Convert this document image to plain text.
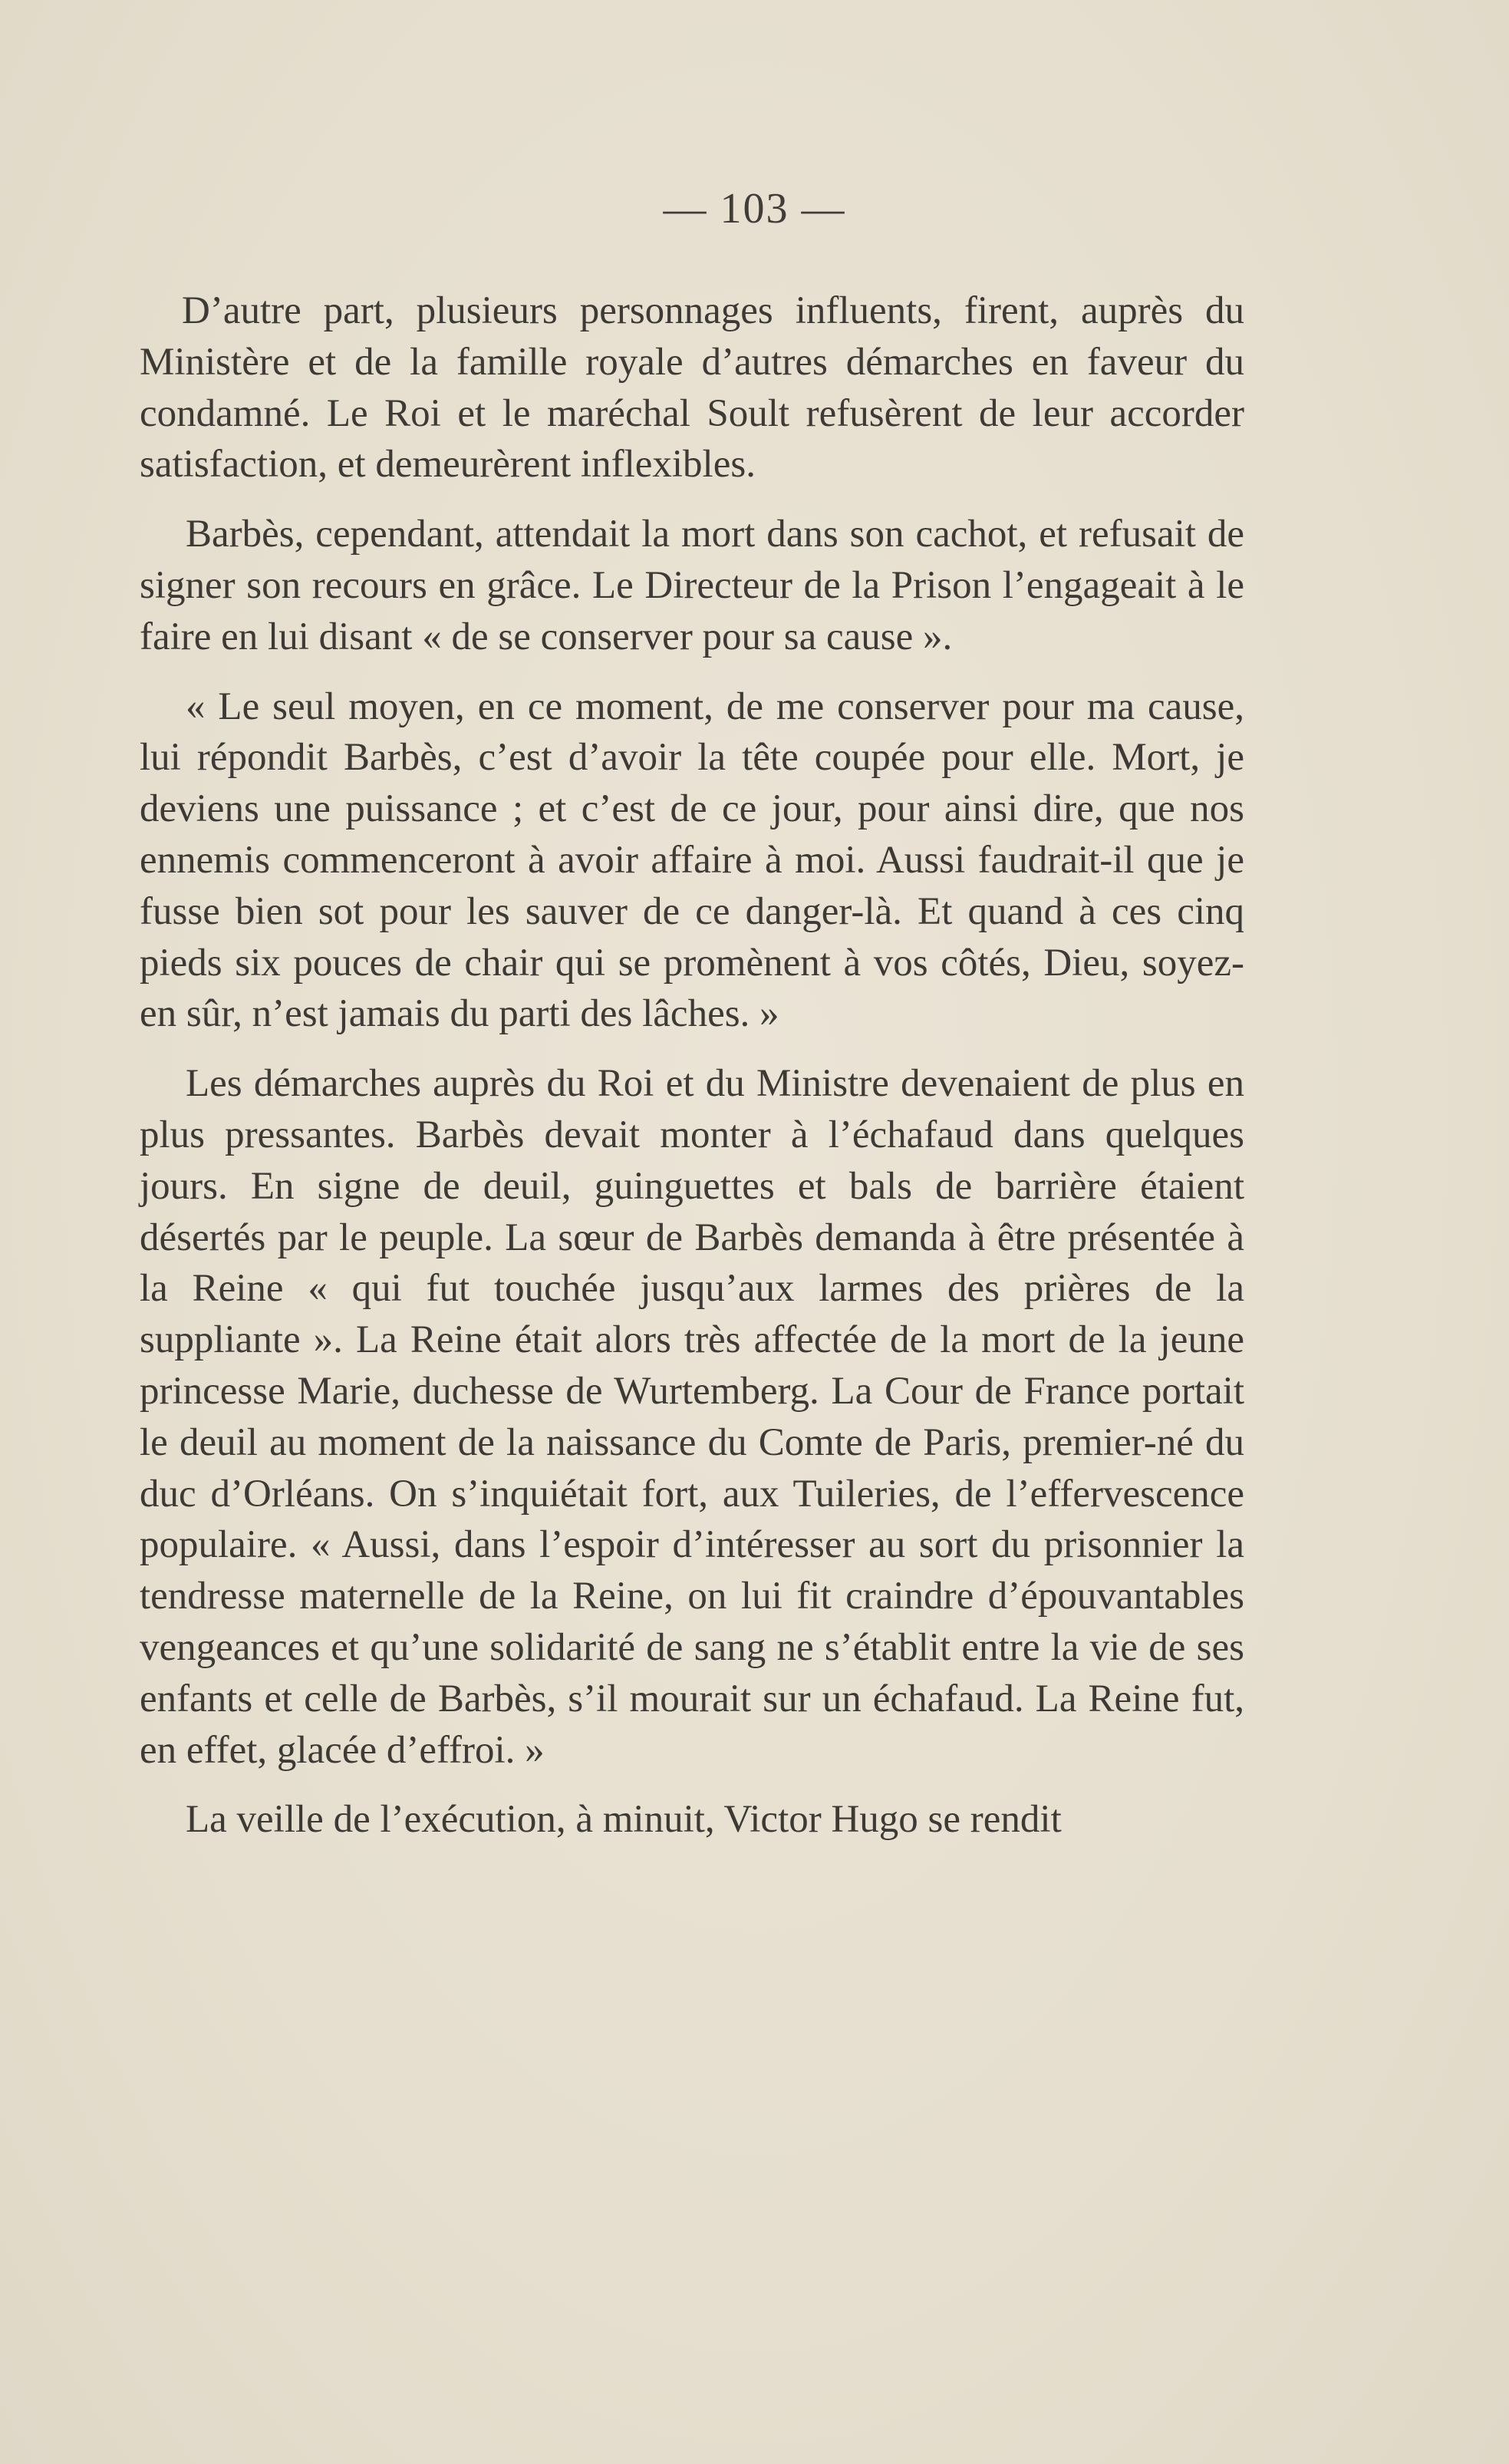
— 103 —

D’autre part, plusieurs personnages influents, firent, auprès du Ministère et de la famille royale d’autres démarches en faveur du condamné. Le Roi et le maréchal Soult refusèrent de leur accorder satisfaction, et demeurèrent inflexibles.

Barbès, cependant, attendait la mort dans son cachot, et refusait de signer son recours en grâce. Le Directeur de la Prison l’engageait à le faire en lui disant « de se conserver pour sa cause ».

« Le seul moyen, en ce moment, de me conserver pour ma cause, lui répondit Barbès, c’est d’avoir la tête coupée pour elle. Mort, je deviens une puissance ; et c’est de ce jour, pour ainsi dire, que nos ennemis commenceront à avoir affaire à moi. Aussi faudrait-il que je fusse bien sot pour les sauver de ce danger-là. Et quand à ces cinq pieds six pouces de chair qui se promènent à vos côtés, Dieu, soyez-en sûr, n’est jamais du parti des lâches. »

Les démarches auprès du Roi et du Ministre devenaient de plus en plus pressantes. Barbès devait monter à l’échafaud dans quelques jours. En signe de deuil, guinguettes et bals de barrière étaient désertés par le peuple. La sœur de Barbès demanda à être présentée à la Reine « qui fut touchée jusqu’aux larmes des prières de la suppliante ». La Reine était alors très affectée de la mort de la jeune princesse Marie, duchesse de Wurtemberg. La Cour de France portait le deuil au moment de la naissance du Comte de Paris, premier-né du duc d’Orléans. On s’inquiétait fort, aux Tuileries, de l’effervescence populaire. « Aussi, dans l’espoir d’intéresser au sort du prisonnier la tendresse maternelle de la Reine, on lui fit craindre d’épouvantables vengeances et qu’une solidarité de sang ne s’établit entre la vie de ses enfants et celle de Barbès, s’il mourait sur un échafaud. La Reine fut, en effet, glacée d’effroi. »

La veille de l’exécution, à minuit, Victor Hugo se rendit
